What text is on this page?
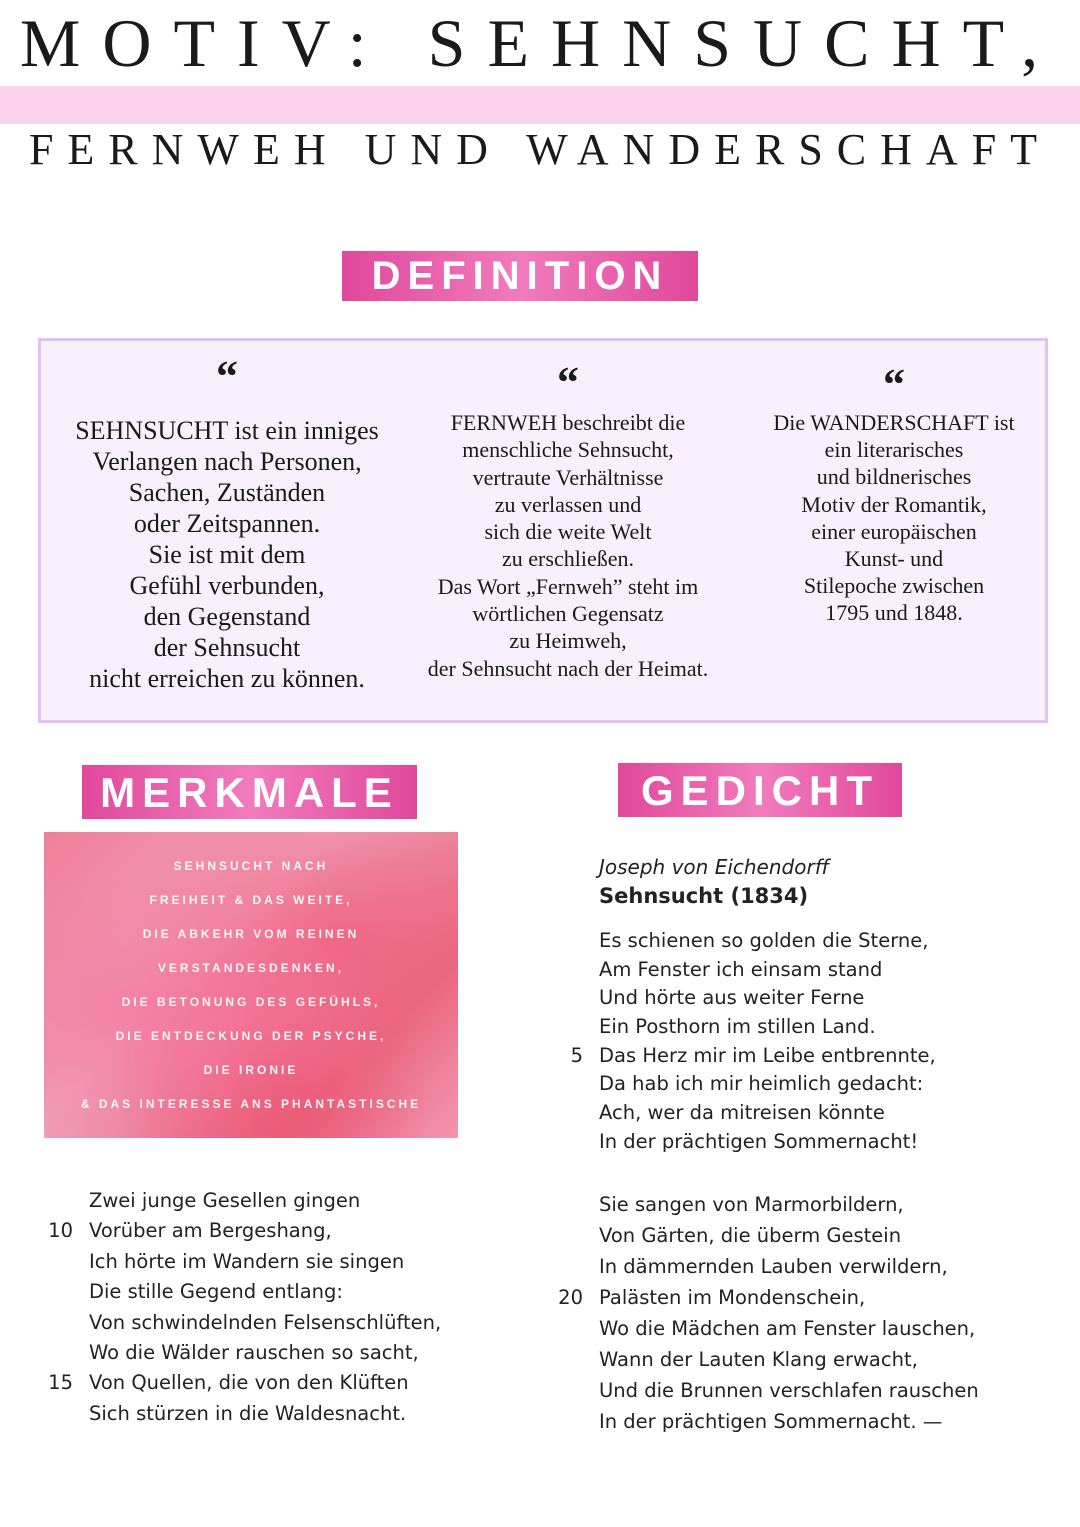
MOTIV: SEHNSUCHT,
FERNWEH UND WANDERSCHAFT
DEFINITION
“
SEHNSUCHT ist ein inniges
Verlangen nach Personen,
Sachen, Zuständen
oder Zeitspannen.
Sie ist mit dem
Gefühl verbunden,
den Gegenstand
der Sehnsucht
nicht erreichen zu können.
“
FERNWEH beschreibt die
menschliche Sehnsucht,
vertraute Verhältnisse
zu verlassen und
sich die weite Welt
zu erschließen.
Das Wort „Fernweh” steht im
wörtlichen Gegensatz
zu Heimweh,
der Sehnsucht nach der Heimat.
“
Die WANDERSCHAFT ist
ein literarisches
und bildnerisches
Motiv der Romantik,
einer europäischen
Kunst- und
Stilepoche zwischen
1795 und 1848.
MERKMALE
SEHNSUCHT NACH
FREIHEIT & DAS WEITE,
DIE ABKEHR VOM REINEN
VERSTANDESDENKEN,
DIE BETONUNG DES GEFÜHLS,
DIE ENTDECKUNG DER PSYCHE,
DIE IRONIE
& DAS INTERESSE ANS PHANTASTISCHE
GEDICHT
Joseph von Eichendorff
Sehnsucht (1834)
Es schienen so golden die Sterne,
Am Fenster ich einsam stand
Und hörte aus weiter Ferne
Ein Posthorn im stillen Land.
5 Das Herz mir im Leibe entbrennte,
Da hab ich mir heimlich gedacht:
Ach, wer da mitreisen könnte
In der prächtigen Sommernacht!
Zwei junge Gesellen gingen
10 Vorüber am Bergeshang,
Ich hörte im Wandern sie singen
Die stille Gegend entlang:
Von schwindelnden Felsenschlüften,
Wo die Wälder rauschen so sacht,
15 Von Quellen, die von den Klüften
Sich stürzen in die Waldesnacht.
Sie sangen von Marmorbildern,
Von Gärten, die überm Gestein
In dämmernden Lauben verwildern,
20 Palästen im Mondenschein,
Wo die Mädchen am Fenster lauschen,
Wann der Lauten Klang erwacht,
Und die Brunnen verschlafen rauschen
In der prächtigen Sommernacht. —
